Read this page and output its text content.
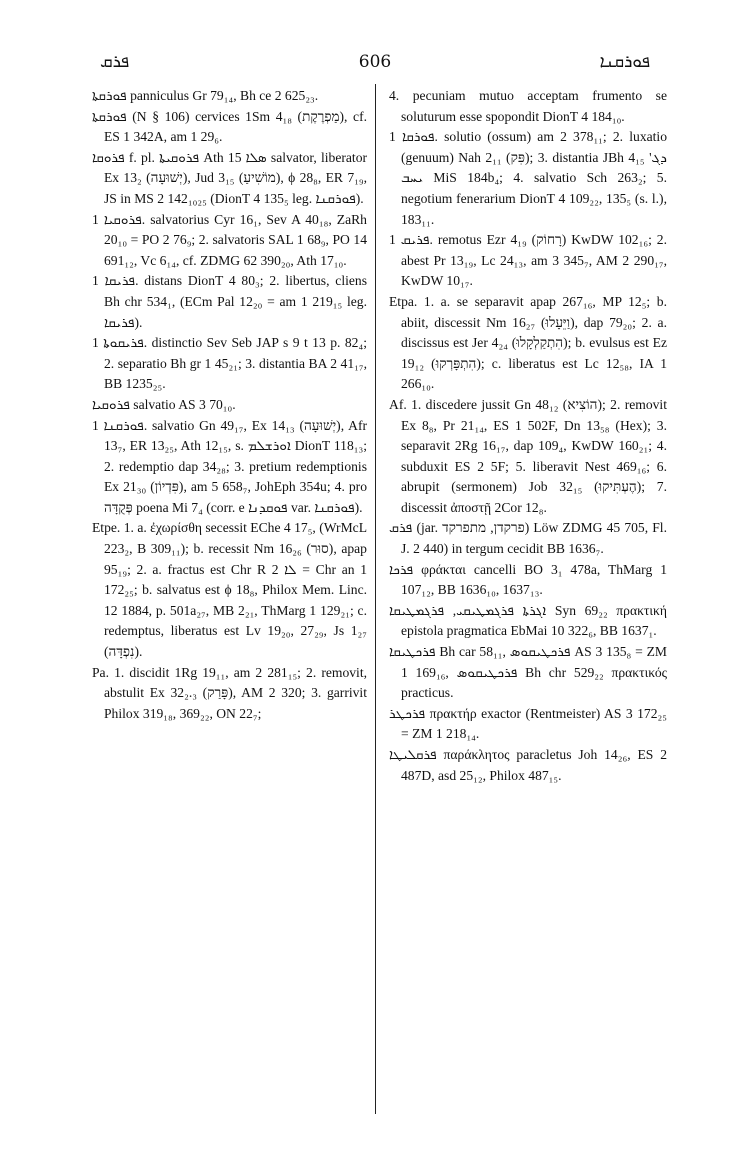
ܦܪܩ	606	ܦܘܪܩܢܐ

ܦܘܪܩܬܐ panniculus Gr 79₁₄, Bh ce 2 625₂₃.

ܦܘܪܩܬܐ (N § 106) cervices 1Sm 4₁₈ (מַפְרֶקֶת), cf. ES 1 342A, am 1 29₆.

ܦܪܘܩܐ f. pl. ܦܪܘܩܝܬܐ Ath ܣܠܐ 15 salvator, liberator Ex 13₂ (יְשׁוּעָה), Jud 3₁₅ (מוֹשִׁיעַ), ϕ 28₈, ER 7₁₉, JS in MS 2 142₁₀₂₅ (DionT 4 135₅ leg. ܦܘܪܩܢܐ).

ܦܪܘܩܝܐ 1. salvatorius Cyr 16₁, Sev A 40₁₈, ZaRh 20₁₀ = PO 2 76₉; 2. salvatoris SAL 1 68₉, PO 14 691₁₂, Vc 6₁₄, cf. ZDMG 62 390₂₀, Ath 17₁₀.

ܦܪܝܩܐ 1. distans DionT 4 80₃; 2. libertus, cliens Bh chr 534₁, (ECm Pal 12₂₀ = am 1 219₁₅ leg. ܦܪܝܩܐ).

ܦܪܝܩܘܬܐ 1. distinctio Sev Seb JAP s 9 t 13 p. 82₄; 2. separatio Bh gr 1 45₂₁; 3. distantia BA 2 41₁₇, BB 1235₂₅.

ܦܪܘܩܝܐ salvatio AS 3 70₁₀.

ܦܘܪܩܢܐ 1. salvatio Gn 49₁₇, Ex 14₁₃ (יְשׁוּעָה), Afr 13₇, ER 13₂₅, Ath 12₁₅, s. ܐܘܪܫܠܡ DionT 118₁₃; 2. redemptio dap 34₂₈; 3. pretium redemptionis Ex 21₃₀ (פִּדְיוֹן), am 5 658₇, JohEph 354u; 4. pro פְּקֻדָּה poena Mi 7₄ (corr. e ܦܘܩܕܢܐ var. ܦܘܪܩܢܐ).

Etpe. 1. a. ἐχωρίσθη secessit EChe 4 17₅, (WrMcL 223₂, B 309₁₁); b. recessit Nm 16₂₆ (סוּר), apap 95₁₉; 2. a. fractus est Chr R ܠܐ 2 = Chr an 1 172₂₅; b. salvatus est ϕ 18₈, Philox Mem. Linc. 12 1884, p. 501a₂₇, MB 2₂₁, ThMarg 1 129₂₁; c. redemptus, liberatus est Lv 19₂₀, 27₂₉, Js 1₂₇ (נִפְדָּה).

Pa. 1. discidit 1Rg 19₁₁, am 2 281₁₅; 2. removit, abstulit Ex 32₂.₃ (פָּרַק), AM 2 320; 3. garrivit Philox 319₁₈, 369₂₂, ON 22₇;

4. pecuniam mutuo acceptam frumento se soluturum esse spopondit DionT 4 184₁₀.

ܦܘܪܩܐ 1. solutio (ossum) am 2 378₁₁; 2. luxatio (genuum) Nah 2₁₁ (פִּק); 3. distantia JBh 4₁₅ 'ܕܓ ܝܚܒ MiS 184b₄; 4. salvatio Sch 263₂; 5. negotium fenerarium DionT 4 109₂₂, 135₅ (s. l.), 183₁₁.

ܦܪܝܩ 1. remotus Ezr 4₁₉ (רָחוֹק) KwDW 102₁₆; 2. abest Pr 13₁₉, Lc 24₁₃, am 3 345₇, AM 2 290₁₇, KwDW 10₁₇.

Etpa. 1. a. se separavit apap 267₁₆, MP 12₅; b. abiit, discessit Nm 16₂₇ (וַיֵּעָלוּ), dap 79₂₀; 2. a. discissus est Jer 4₂₄ (הִתְקַלְקָלוּ); b. evulsus est Ez 19₁₂ (הִתְפָּרְקוּ); c. liberatus est Lc 12₅₈, IA 1 266₁₀.

Af. 1. discedere jussit Gn 48₁₂ (הוֹצִיא); 2. removit Ex 8₈, Pr 21₁₄, ES 1 502F, Dn 13₅₈ (Hex); 3. separavit 2Rg 16₁₇, dap 109₄, KwDW 160₂₁; 4. subduxit ES 2 5F; 5. liberavit Nest 469₁₆; 6. abrupit (sermonem) Job 32₁₅ (הֶעְתִּיקוּ); 7. discessit ἀποστῇ 2Cor 12₈.

ܦܪܩ (jar. פרקדן, מתפרקד) Löw ZDMG 45 705, Fl. J. 2 440) in tergum cecidit BB 1636₇.

ܦܪܟܐ φράκται cancelli BO 3₁ 478a, ThMarg 1 107₁₂, BB 1636₁₀, 1637₁₃.

ܐܓܪܬܐ ܦܪܓܡܛܝܩܝ, ܦܪܓܡܛܝܩܐ Syn 69₂₂ πρακτική epistola pragmatica EbMai 10 322₆, BB 1637₁.

ܦܪܟܛܝܩܐ Bh car 58₁₁, ܦܪܟܛܝܩܘܣ AS 3 135₈ = ZM 1 169₁₆, ܦܪܟܛܝܩܘܣ Bh chr 529₂₂ πρακτικός practicus.

ܦܪܟܛܪ πρακτήρ exactor (Rentmeister) AS 3 172₂₅ = ZM 1 218₁₄.

ܦܪܩܠܝܛܐ παράκλητος paracletus Joh 14₂₆, ES 2 487D, asd 25₁₂, Philox 487₁₅.
